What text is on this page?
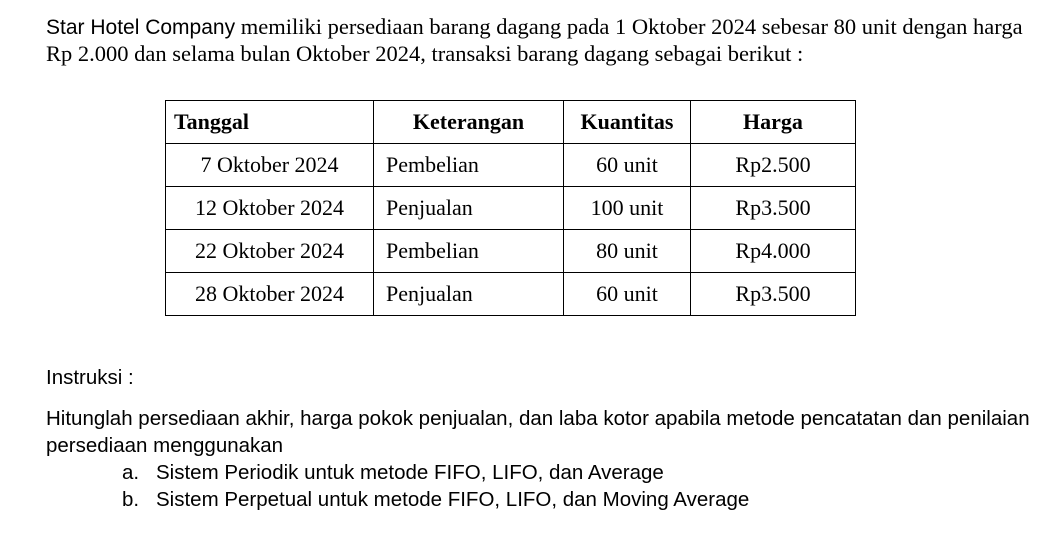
Star Hotel Company memiliki persediaan barang dagang pada 1 Oktober 2024 sebesar 80 unit dengan harga Rp 2.000 dan selama bulan Oktober 2024, transaksi barang dagang sebagai berikut :
Tanggal	Keterangan	Kuantitas	Harga
7 Oktober 2024	Pembelian	60 unit	Rp2.500
12 Oktober 2024	Penjualan	100 unit	Rp3.500
22 Oktober 2024	Pembelian	80 unit	Rp4.000
28 Oktober 2024	Penjualan	60 unit	Rp3.500
Instruksi :
Hitunglah persediaan akhir, harga pokok penjualan, dan laba kotor apabila metode pencatatan dan penilaian persediaan menggunakan
a. Sistem Periodik untuk metode FIFO, LIFO, dan Average
b. Sistem Perpetual untuk metode FIFO, LIFO, dan Moving Average
